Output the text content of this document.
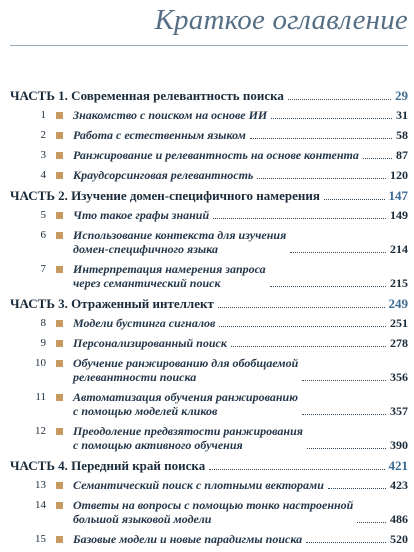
Краткое оглавление
ЧАСТЬ 1. Современная релевантность поиска	29
1	Знакомство с поиском на основе ИИ	31
2	Работа с естественным языком	58
3	Ранжирование и релевантность на основе контента	87
4	Краудсорсинговая релевантность	120
ЧАСТЬ 2. Изучение домен-специфичного намерения	147
5	Что такое графы знаний	149
6	Использование контекста для изучения
домен-специфичного языка	214
7	Интерпретация намерения запроса
через семантический поиск	215
ЧАСТЬ 3. Отраженный интеллект	249
8	Модели бустинга сигналов	251
9	Персонализированный поиск	278
10	Обучение ранжированию для обобщаемой
релевантности поиска	356
11	Автоматизация обучения ранжированию
с помощью моделей кликов	357
12	Преодоление предвзятости ранжирования
с помощью активного обучения	390
ЧАСТЬ 4. Передний край поиска	421
13	Семантический поиск с плотными векторами	423
14	Ответы на вопросы с помощью тонко настроенной
большой языковой модели	486
15	Базовые модели и новые парадигмы поиска	520
